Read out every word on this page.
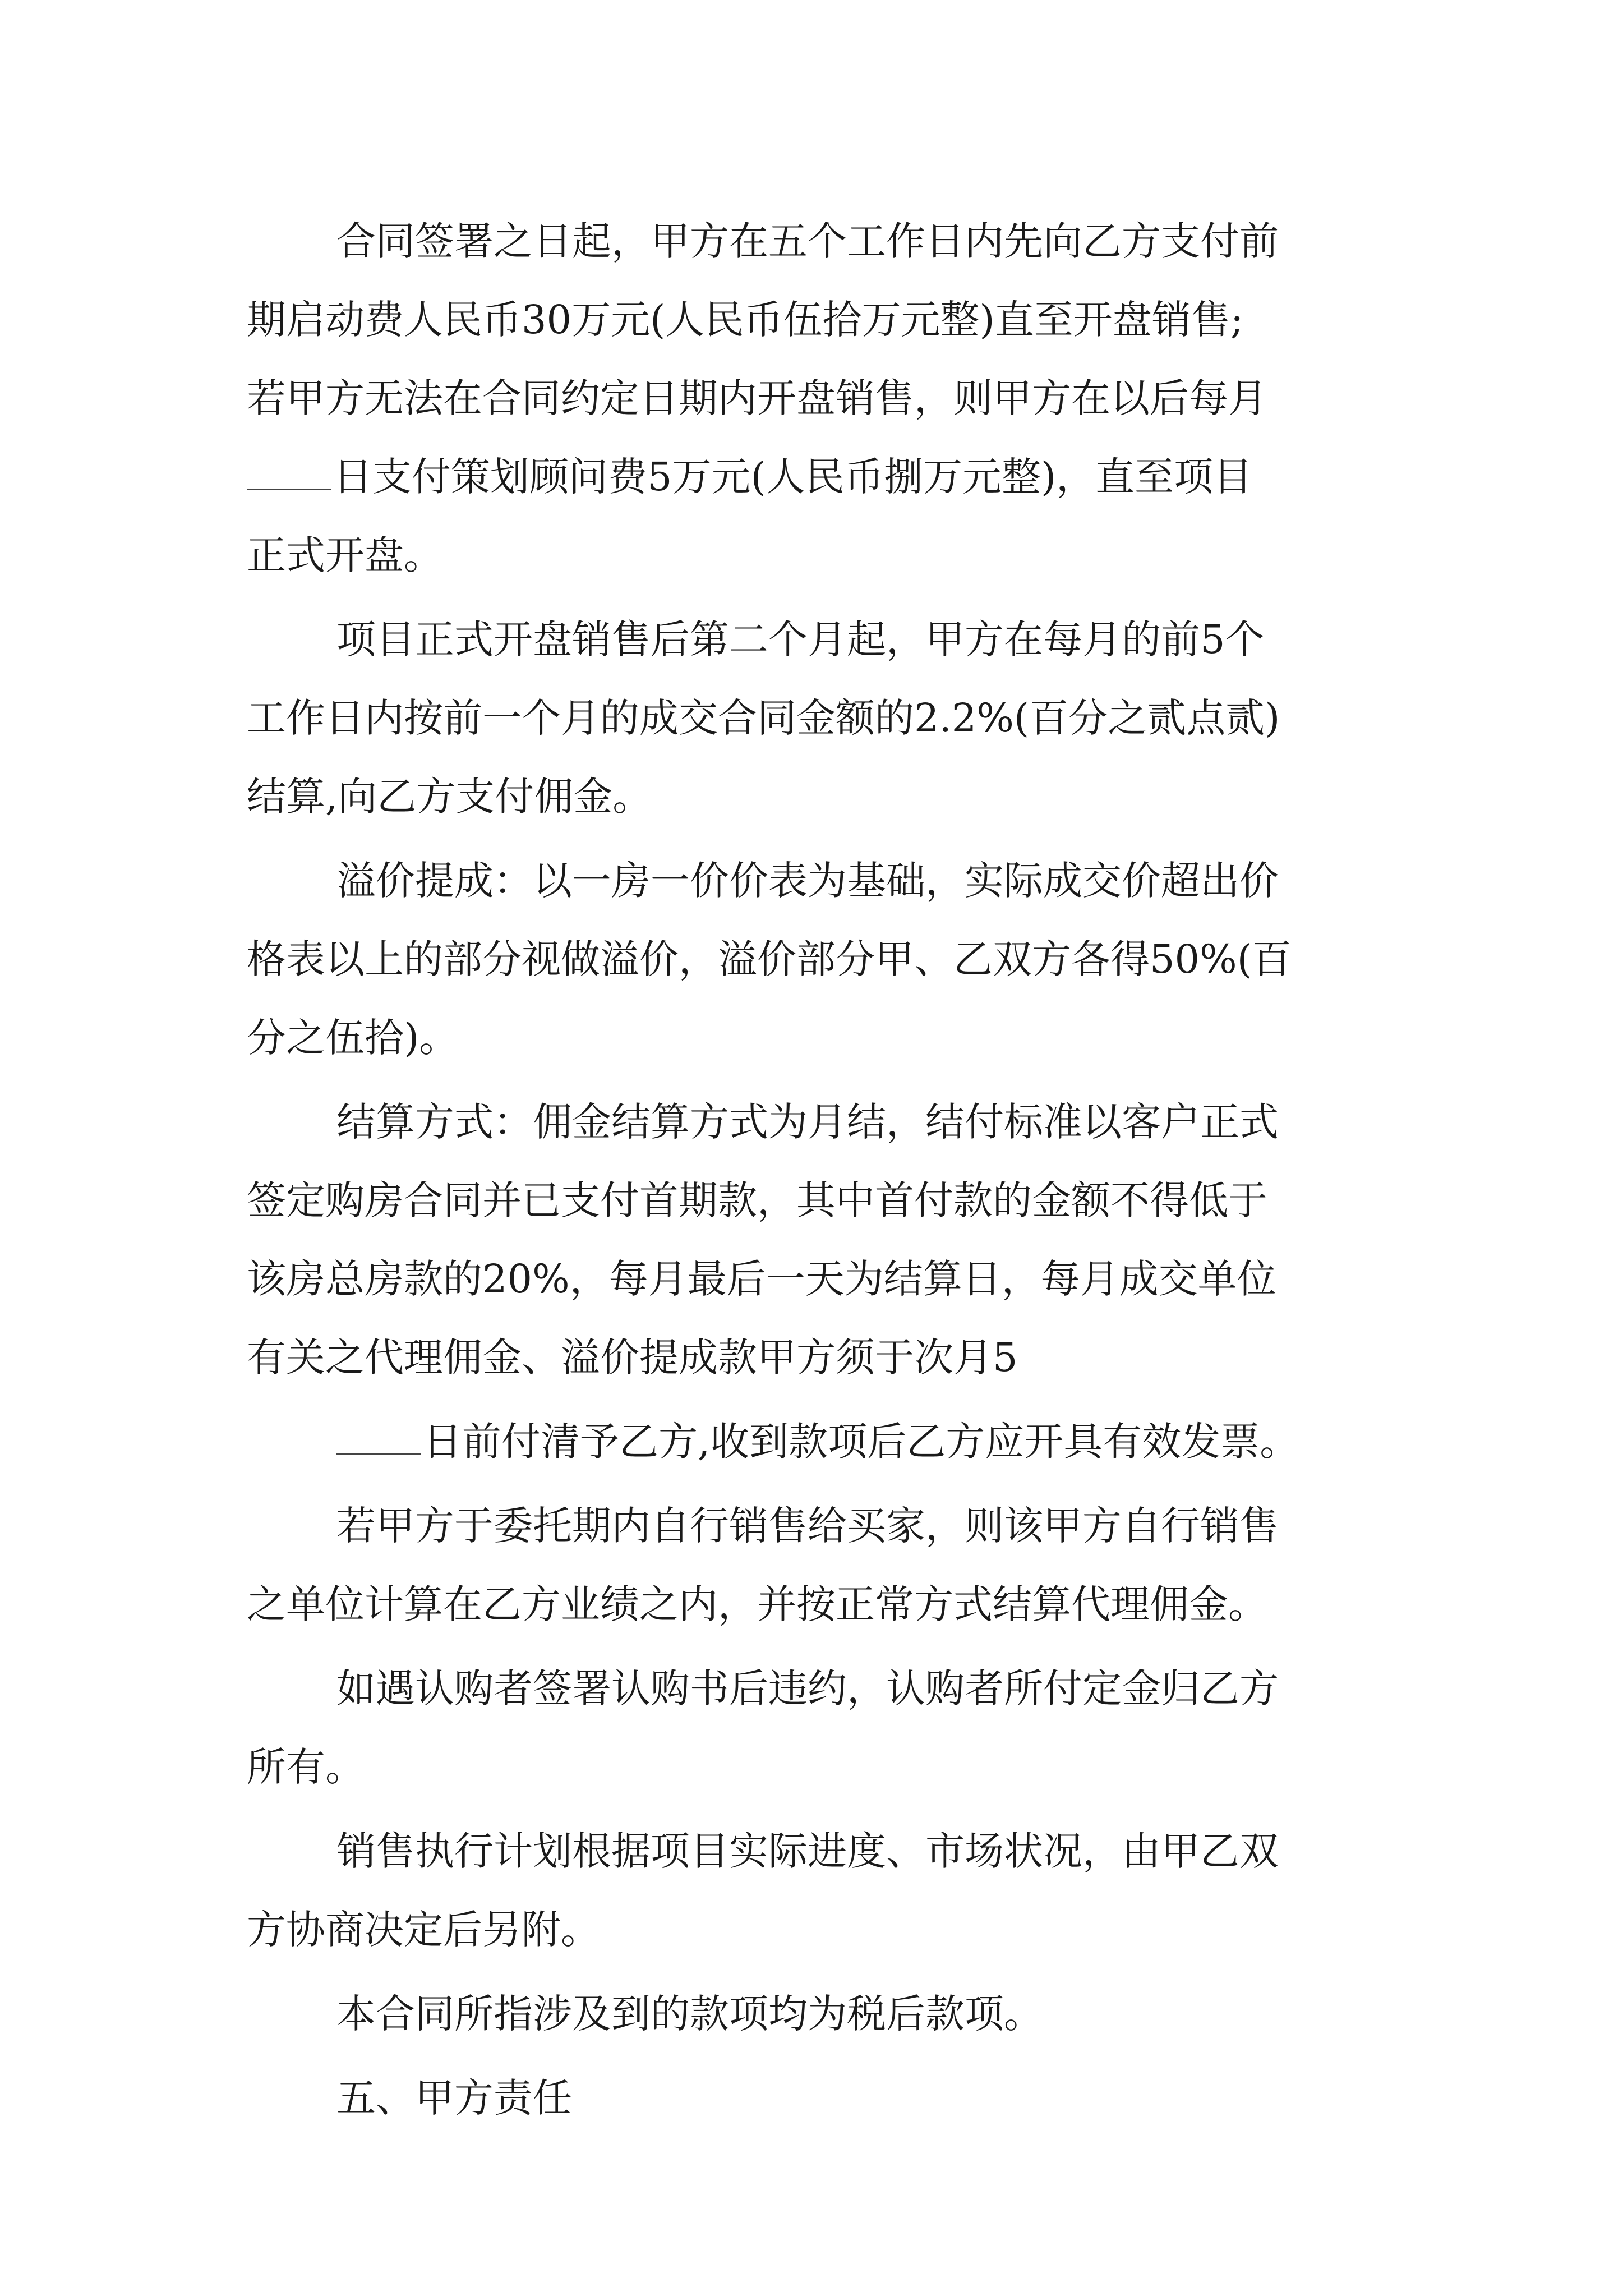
合同签署之日起，甲方在五个工作日内先向乙方支付前
期启动费人民币30万元(人民币伍拾万元整)直至开盘销售;
若甲方无法在合同约定日期内开盘销售，则甲方在以后每月
日支付策划顾问费5万元(人民币捌万元整)，直至项目
正式开盘。
项目正式开盘销售后第二个月起，甲方在每月的前5个
工作日内按前一个月的成交合同金额的2.2%(百分之贰点贰)
结算,向乙方支付佣金。
溢价提成：以一房一价价表为基础，实际成交价超出价
格表以上的部分视做溢价，溢价部分甲、乙双方各得50%(百
分之伍拾)。
结算方式：佣金结算方式为月结，结付标准以客户正式
签定购房合同并已支付首期款，其中首付款的金额不得低于
该房总房款的20%，每月最后一天为结算日，每月成交单位
有关之代理佣金、溢价提成款甲方须于次月5
日前付清予乙方,收到款项后乙方应开具有效发票。
若甲方于委托期内自行销售给买家，则该甲方自行销售
之单位计算在乙方业绩之内，并按正常方式结算代理佣金。
如遇认购者签署认购书后违约，认购者所付定金归乙方
所有。
销售执行计划根据项目实际进度、市场状况，由甲乙双
方协商决定后另附。
本合同所指涉及到的款项均为税后款项。
五、甲方责任
